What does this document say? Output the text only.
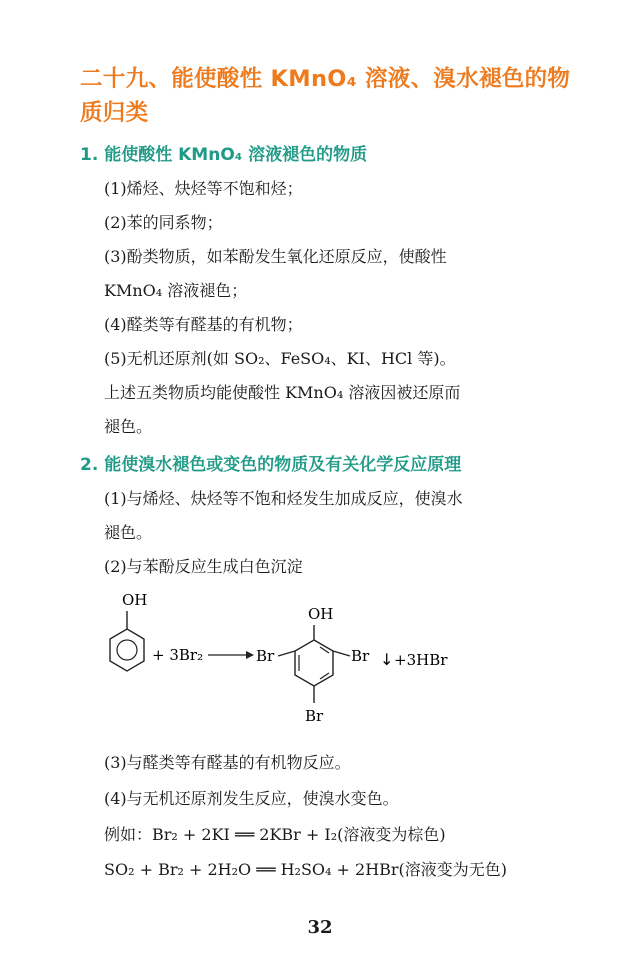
二十九、能使酸性 KMnO₄ 溶液、溴水褪色的物质归类
1. 能使酸性 KMnO₄ 溶液褪色的物质

(1)烯烃、炔烃等不饱和烃；

(2)苯的同系物；

(3)酚类物质，如苯酚发生氧化还原反应，使酸性

KMnO₄ 溶液褪色；

(4)醛类等有醛基的有机物；

(5)无机还原剂(如 SO₂、FeSO₄、KI、HCl 等)。

上述五类物质均能使酸性 KMnO₄ 溶液因被还原而

褪色。

2. 能使溴水褪色或变色的物质及有关化学反应原理

(1)与烯烃、炔烃等不饱和烃发生加成反应，使溴水

褪色。

(2)与苯酚反应生成白色沉淀

OH
+ 3Br₂
OH
Br	Br
Br
↓ +3HBr

(3)与醛类等有醛基的有机物反应。

(4)与无机还原剂发生反应，使溴水变色。

例如：Br₂ + 2KI ══ 2KBr + I₂(溶液变为棕色)

SO₂ + Br₂ + 2H₂O ══ H₂SO₄ + 2HBr(溶液变为无色)

32
